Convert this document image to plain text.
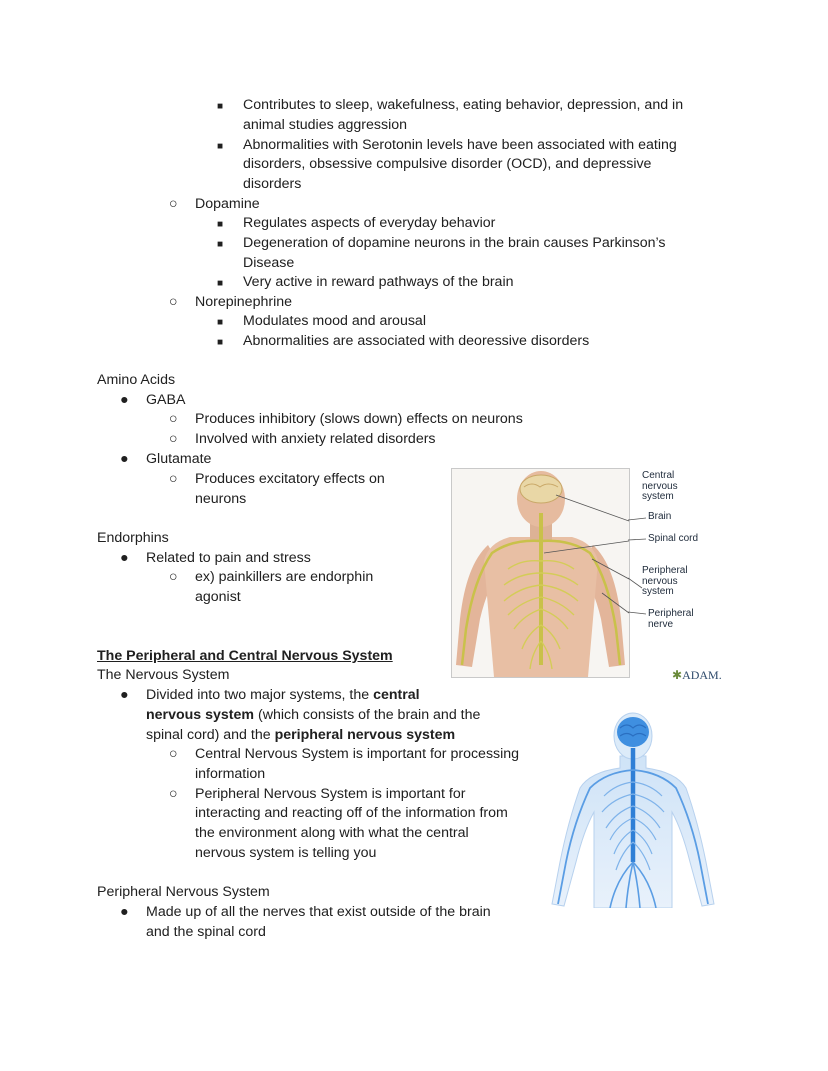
■ Contributes to sleep, wakefulness, eating behavior, depression, and in
animal studies aggression
■ Abnormalities with Serotonin levels have been associated with eating
disorders, obsessive compulsive disorder (OCD), and depressive
disorders
○ Dopamine
■ Regulates aspects of everyday behavior
■ Degeneration of dopamine neurons in the brain causes Parkinson’s
Disease
■ Very active in reward pathways of the brain
○ Norepinephrine
■ Modulates mood and arousal
■ Abnormalities are associated with deoressive disorders
Amino Acids
● GABA
○ Produces inhibitory (slows down) effects on neurons
○ Involved with anxiety related disorders
● Glutamate
○ Produces excitatory effects on
neurons
Endorphins
● Related to pain and stress
○ ex) painkillers are endorphin
agonist
Central
nervous
system
Brain
Spinal cord
Peripheral
nervous
system
Peripheral
nerve
✱ADAM.
The Peripheral and Central Nervous System
The Nervous System
● Divided into two major systems, the central
nervous system (which consists of the brain and the
spinal cord) and the peripheral nervous system
○ Central Nervous System is important for processing
information
○ Peripheral Nervous System is important for
interacting and reacting off of the information from
the environment along with what the central
nervous system is telling you
Peripheral Nervous System
● Made up of all the nerves that exist outside of the brain
and the spinal cord
